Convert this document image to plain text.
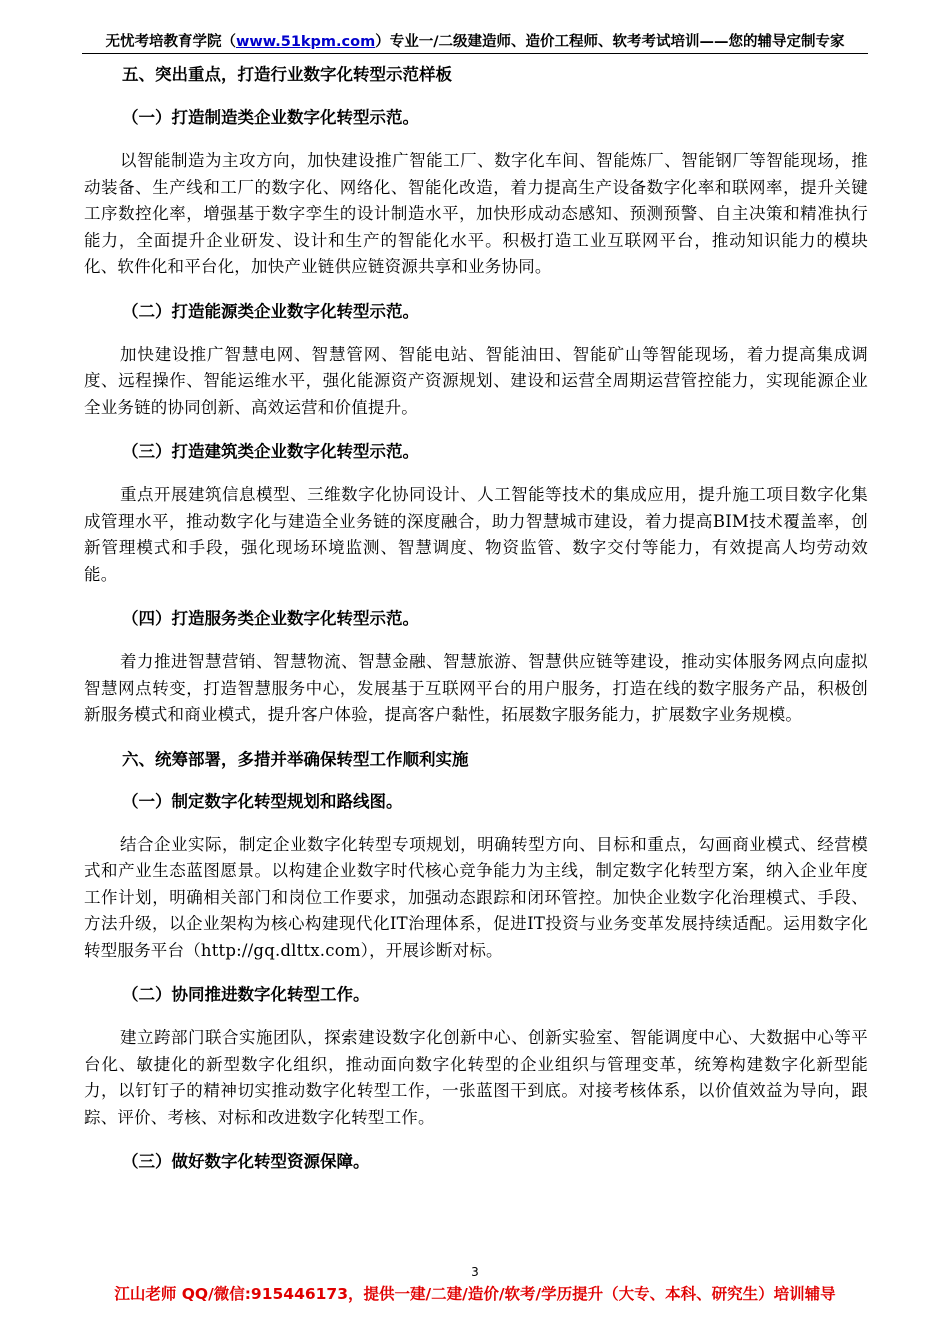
无忧考培教育学院（www.51kpm.com）专业一/二级建造师、造价工程师、软考考试培训——您的辅导定制专家
五、突出重点，打造行业数字化转型示范样板
（一）打造制造类企业数字化转型示范。
以智能制造为主攻方向，加快建设推广智能工厂、数字化车间、智能炼厂、智能钢厂等智能现场，推动装备、生产线和工厂的数字化、网络化、智能化改造，着力提高生产设备数字化率和联网率，提升关键工序数控化率，增强基于数字孪生的设计制造水平，加快形成动态感知、预测预警、自主决策和精准执行能力，全面提升企业研发、设计和生产的智能化水平。积极打造工业互联网平台，推动知识能力的模块化、软件化和平台化，加快产业链供应链资源共享和业务协同。
（二）打造能源类企业数字化转型示范。
加快建设推广智慧电网、智慧管网、智能电站、智能油田、智能矿山等智能现场，着力提高集成调度、远程操作、智能运维水平，强化能源资产资源规划、建设和运营全周期运营管控能力，实现能源企业全业务链的协同创新、高效运营和价值提升。
（三）打造建筑类企业数字化转型示范。
重点开展建筑信息模型、三维数字化协同设计、人工智能等技术的集成应用，提升施工项目数字化集成管理水平，推动数字化与建造全业务链的深度融合，助力智慧城市建设，着力提高BIM技术覆盖率，创新管理模式和手段，强化现场环境监测、智慧调度、物资监管、数字交付等能力，有效提高人均劳动效能。
（四）打造服务类企业数字化转型示范。
着力推进智慧营销、智慧物流、智慧金融、智慧旅游、智慧供应链等建设，推动实体服务网点向虚拟智慧网点转变，打造智慧服务中心，发展基于互联网平台的用户服务，打造在线的数字服务产品，积极创新服务模式和商业模式，提升客户体验，提高客户黏性，拓展数字服务能力，扩展数字业务规模。
六、统筹部署，多措并举确保转型工作顺利实施
（一）制定数字化转型规划和路线图。
结合企业实际，制定企业数字化转型专项规划，明确转型方向、目标和重点，勾画商业模式、经营模式和产业生态蓝图愿景。以构建企业数字时代核心竞争能力为主线，制定数字化转型方案，纳入企业年度工作计划，明确相关部门和岗位工作要求，加强动态跟踪和闭环管控。加快企业数字化治理模式、手段、方法升级，以企业架构为核心构建现代化IT治理体系，促进IT投资与业务变革发展持续适配。运用数字化转型服务平台（http://gq.dlttx.com），开展诊断对标。
（二）协同推进数字化转型工作。
建立跨部门联合实施团队，探索建设数字化创新中心、创新实验室、智能调度中心、大数据中心等平台化、敏捷化的新型数字化组织，推动面向数字化转型的企业组织与管理变革，统筹构建数字化新型能力，以钉钉子的精神切实推动数字化转型工作，一张蓝图干到底。对接考核体系，以价值效益为导向，跟踪、评价、考核、对标和改进数字化转型工作。
（三）做好数字化转型资源保障。
3
江山老师 QQ/微信:915446173，提供一建/二建/造价/软考/学历提升（大专、本科、研究生）培训辅导
